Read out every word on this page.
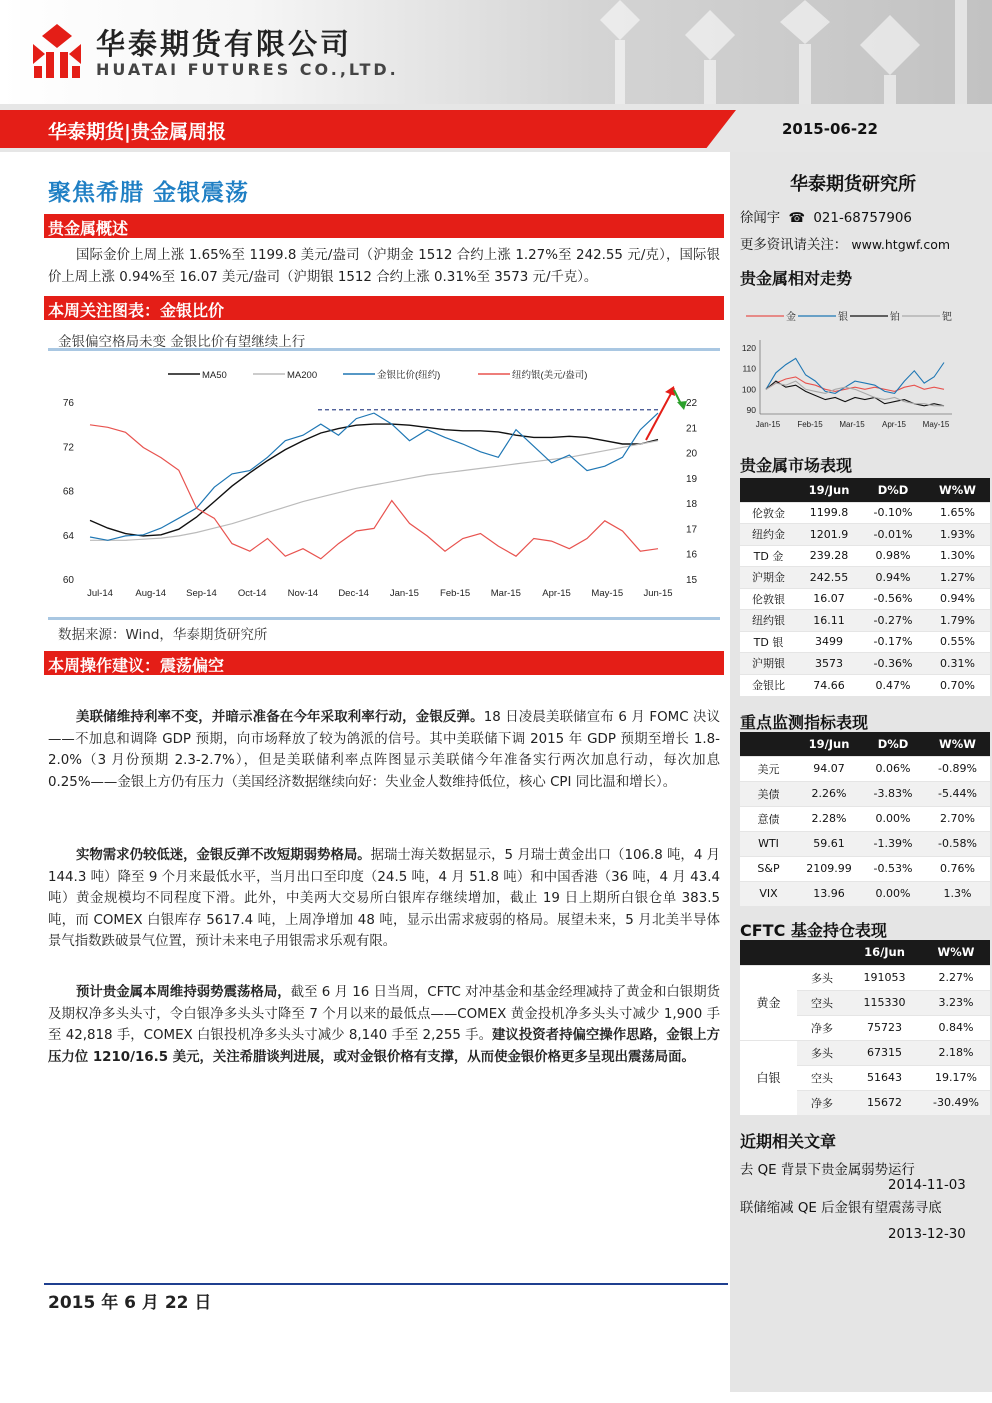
华泰期货有限公司
HUATAI FUTURES CO.,LTD.
华泰期货|贵金属周报	2015-06-22
聚焦希腊 金银震荡
贵金属概述
国际金价上周上涨 1.65%至 1199.8 美元/盎司（沪期金 1512 合约上涨 1.27%至 242.55 元/克），国际银价上周上涨 0.94%至 16.07 美元/盎司（沪期银 1512 合约上涨 0.31%至 3573 元/千克）。
本周关注图表：金银比价
金银偏空格局未变 金银比价有望继续上行
60
64
68
72
76
15
16
17
18
19
20
21
22
Jul-14 Aug-14 Sep-14 Oct-14 Nov-14 Dec-14 Jan-15 Feb-15 Mar-15 Apr-15 May-15 Jun-15
MA50	MA200	金银比价(纽约)	纽约银(美元/盎司)
数据来源：Wind，华泰期货研究所
本周操作建议：震荡偏空
美联储维持利率不变，并暗示准备在今年采取利率行动，金银反弹。18 日凌晨美联储宣布 6 月 FOMC 决议——不加息和调降 GDP 预期，向市场释放了较为鸽派的信号。其中美联储下调 2015 年 GDP 预期至增长 1.8-2.0%（3 月份预期 2.3-2.7%），但是美联储利率点阵图显示美联储今年准备实行两次加息行动，每次加息 0.25%——金银上方仍有压力（美国经济数据继续向好：失业金人数维持低位，核心 CPI 同比温和增长）。
实物需求仍较低迷，金银反弹不改短期弱势格局。据瑞士海关数据显示，5 月瑞士黄金出口（106.8 吨，4 月 144.3 吨）降至 9 个月来最低水平，当月出口至印度（24.5 吨，4 月 51.8 吨）和中国香港（36 吨，4 月 43.4 吨）黄金规模均不同程度下滑。此外，中美两大交易所白银库存继续增加，截止 19 日上期所白银仓单 383.5 吨，而 COMEX 白银库存 5617.4 吨，上周净增加 48 吨，显示出需求疲弱的格局。展望未来，5 月北美半导体景气指数跌破景气位置，预计未来电子用银需求乐观有限。
预计贵金属本周维持弱势震荡格局，截至 6 月 16 日当周，CFTC 对冲基金和基金经理减持了黄金和白银期货及期权净多头头寸，令白银净多头头寸降至 7 个月以来的最低点——COMEX 黄金投机净多头头寸减少 1,900 手至 42,818 手，COMEX 白银投机净多头头寸减少 8,140 手至 2,255 手。建议投资者持偏空操作思路，金银上方压力位 1210/16.5 美元，关注希腊谈判进展，或对金银价格有支撑，从而使金银价格更多呈现出震荡局面。
2015 年 6 月 22 日
华泰期货研究所
徐闻宇 ☎ 021-68757906
更多资讯请关注： www.htgwf.com
贵金属相对走势
金	银	铂	钯
90
100
110
120
Jan-15 Feb-15 Mar-15 Apr-15 May-15
贵金属市场表现
	19/Jun	D%D	W%W
伦敦金	1199.8	-0.10%	1.65%
纽约金	1201.9	-0.01%	1.93%
TD 金	239.28	0.98%	1.30%
沪期金	242.55	0.94%	1.27%
伦敦银	16.07	-0.56%	0.94%
纽约银	16.11	-0.27%	1.79%
TD 银	3499	-0.17%	0.55%
沪期银	3573	-0.36%	0.31%
金银比	74.66	0.47%	0.70%
重点监测指标表现
	19/Jun	D%D	W%W
美元	94.07	0.06%	-0.89%
美债	2.26%	-3.83%	-5.44%
意债	2.28%	0.00%	2.70%
WTI	59.61	-1.39%	-0.58%
S&P	2109.99	-0.53%	0.76%
VIX	13.96	0.00%	1.3%
CFTC 基金持仓表现
		16/Jun	W%W
黄金	多头	191053	2.27%
	空头	115330	3.23%
	净多	75723	0.84%
白银	多头	67315	2.18%
	空头	51643	19.17%
	净多	15672	-30.49%
近期相关文章
去 QE 背景下贵金属弱势运行
2014-11-03
联储缩减 QE 后金银有望震荡寻底
2013-12-30
